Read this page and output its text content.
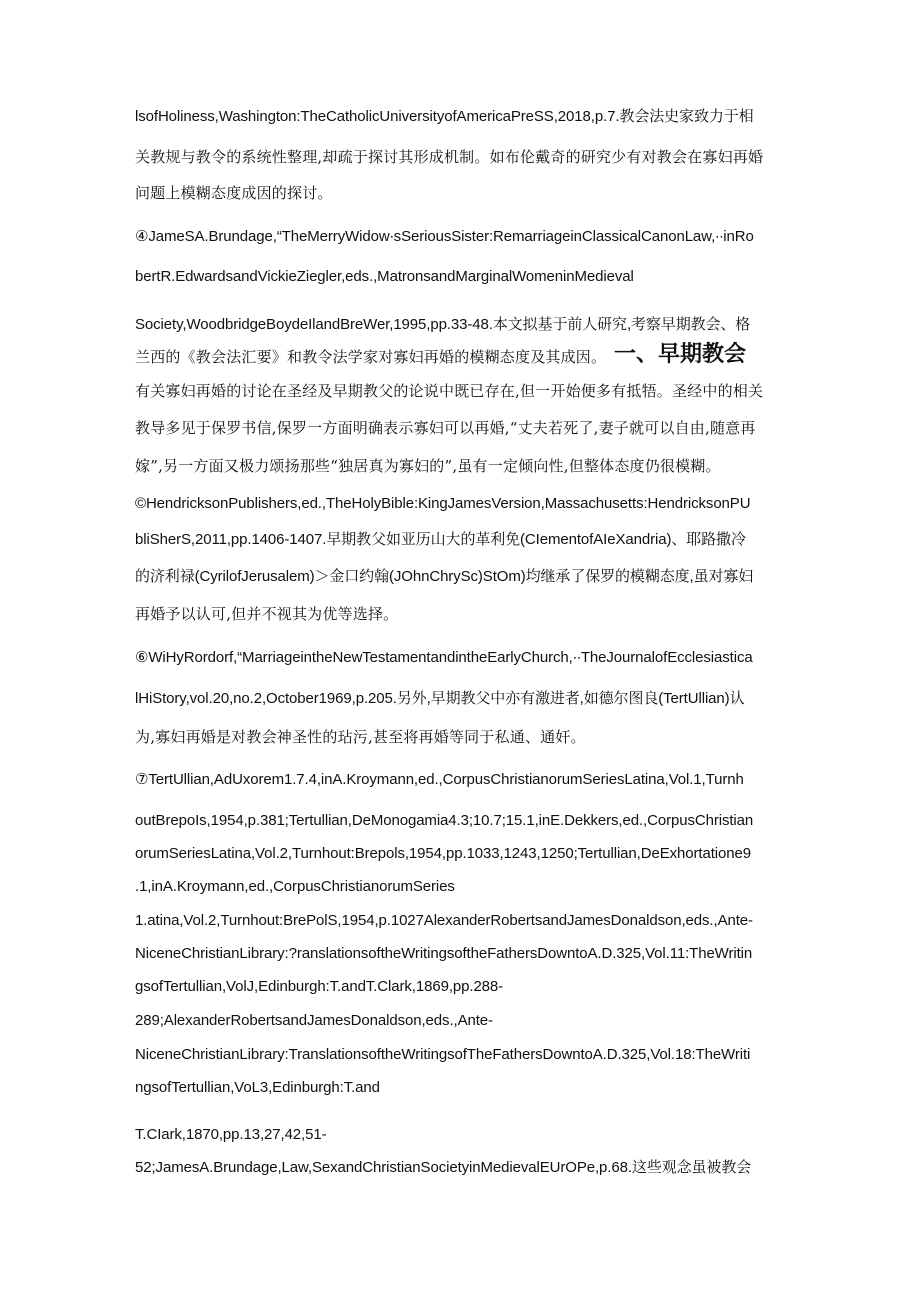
lsofHoliness,Washington:TheCatholicUniversityofAmericaPreSS,2018,p.7.教会法史家致力于相
关教规与教令的系统性整理,却疏于探讨其形成机制。如布伦戴奇的研究少有对教会在寡妇再婚
问题上模糊态度成因的探讨。
④JameSA.Brundage,“TheMerryWidow∙sSeriousSister:RemarriageinClassicalCanonLaw,∙∙inRo
bertR.EdwardsandVickieZiegler,eds.,MatronsandMarginalWomeninMedieval
Society,WoodbridgeBoydeIlandBreWer,1995,pp.33-48.本文拟基于前人研究,考察早期教会、格
兰西的《教会法汇要》和教令法学家对寡妇再婚的模糊态度及其成因。 一、早期教会
有关寡妇再婚的讨论在圣经及早期教父的论说中既已存在,但一开始便多有抵牾。圣经中的相关
教导多见于保罗书信,保罗一方面明确表示寡妇可以再婚,“丈夫若死了,妻子就可以自由,随意再
嫁”,另一方面又极力颂扬那些“独居真为寡妇的”,虽有一定倾向性,但整体态度仍很模糊。
©HendricksonPublishers,ed.,TheHolyBible:KingJamesVersion,Massachusetts:HendricksonPU
bliSherS,2011,pp.1406-1407.早期教父如亚历山大的革利免(CIementofAIeXandria)、耶路撒冷
的济利禄(CyrilofJerusalem)＞金口约翰(JOhnChrySc)StOm)均继承了保罗的模糊态度,虽对寡妇
再婚予以认可,但并不视其为优等选择。
⑥WiHyRordorf,“MarriageintheNewTestamentandintheEarlyChurch,∙∙TheJournalofEcclesiastica
lHiStory,vol.20,no.2,October1969,p.205.另外,早期教父中亦有激进者,如德尔图良(TertUllian)认
为,寡妇再婚是对教会神圣性的玷污,甚至将再婚等同于私通、通奸。
⑦TertUllian,AdUxorem1.7.4,inA.Kroymann,ed.,CorpusChristianorumSeriesLatina,Vol.1,Turnh
outBrepoIs,1954,p.381;Tertullian,DeMonogamia4.3;10.7;15.1,inE.Dekkers,ed.,CorpusChristian
orumSeriesLatina,Vol.2,Turnhout:Brepols,1954,pp.1033,1243,1250;Tertullian,DeExhortatione9
.1,inA.Kroymann,ed.,CorpusChristianorumSeries
1.atina,Vol.2,Turnhout:BrePolS,1954,p.1027AlexanderRobertsandJamesDonaldson,eds.,Ante-
NiceneChristianLibrary:?ranslationsoftheWritingsoftheFathersDowntoA.D.325,Vol.11:TheWritin
gsofTertullian,VolJ,Edinburgh:T.andT.Clark,1869,pp.288-
289;AlexanderRobertsandJamesDonaldson,eds.,Ante-
NiceneChristianLibrary:TranslationsoftheWritingsofTheFathersDowntoA.D.325,Vol.18:TheWriti
ngsofTertullian,VoL3,Edinburgh:T.and
T.CIark,1870,pp.13,27,42,51-
52;JamesA.Brundage,Law,SexandChristianSocietyinMedievalEUrOPe,p.68.这些观念虽被教会
